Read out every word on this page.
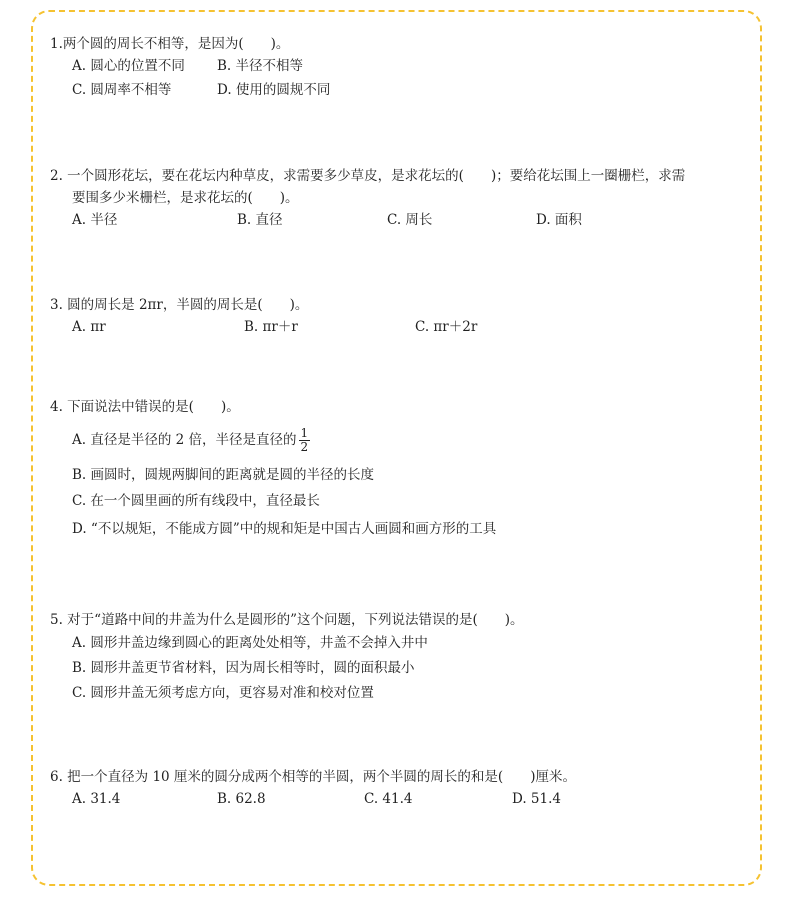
1.两个圆的周长不相等，是因为(　　)。
A. 圆心的位置不同 B. 半径不相等
C. 圆周率不相等	D. 使用的圆规不同
2. 一个圆形花坛，要在花坛内种草皮，求需要多少草皮，是求花坛的(　　)；要给花坛围上一圈栅栏，求需
要围多少米栅栏，是求花坛的(　　)。
A. 半径	B. 直径	C. 周长	D. 面积
3. 圆的周长是 2πr，半圆的周长是(　　)。
A. πr	B. πr＋r	C. πr＋2r
4. 下面说法中错误的是(　　)。
A. 直径是半径的 2 倍，半径是直径的 $\frac{1}{2}$
B. 画圆时，圆规两脚间的距离就是圆的半径的长度
C. 在一个圆里画的所有线段中，直径最长
D. “不以规矩，不能成方圆”中的规和矩是中国古人画圆和画方形的工具
5. 对于“道路中间的井盖为什么是圆形的”这个问题，下列说法错误的是(　　)。
A. 圆形井盖边缘到圆心的距离处处相等，井盖不会掉入井中
B. 圆形井盖更节省材料，因为周长相等时，圆的面积最小
C. 圆形井盖无须考虑方向，更容易对准和校对位置
6. 把一个直径为 10 厘米的圆分成两个相等的半圆，两个半圆的周长的和是(　　)厘米。
A. 31.4	B. 62.8	C. 41.4	D. 51.4
